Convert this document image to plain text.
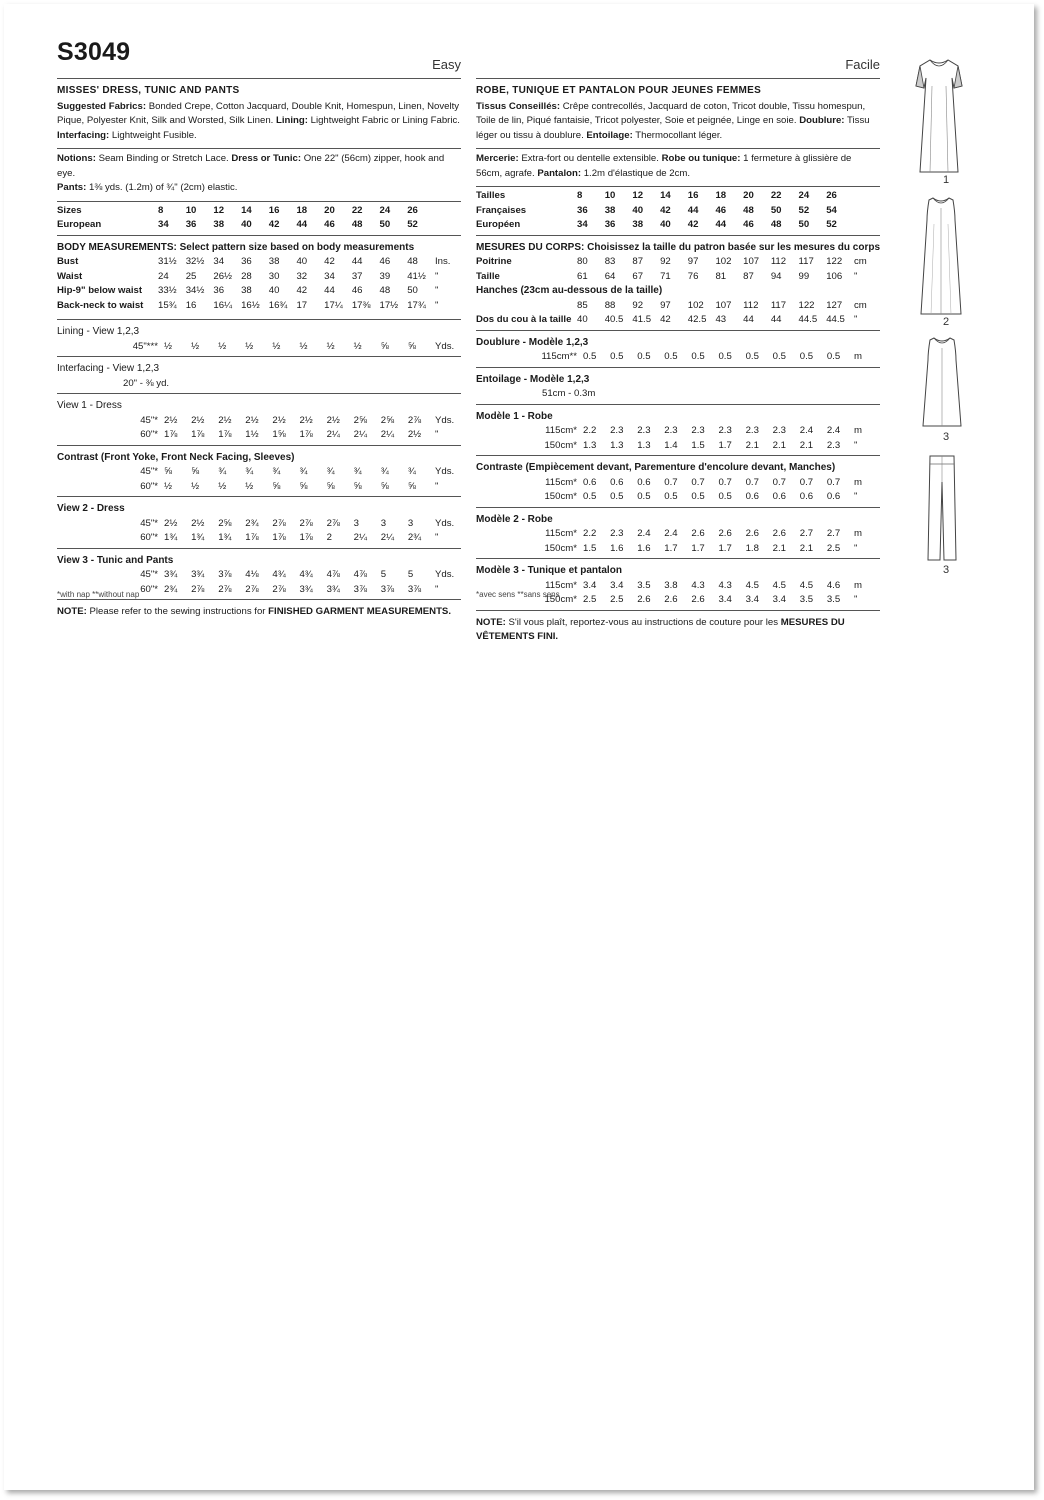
S3049	Easy
MISSES' DRESS, TUNIC AND PANTS
Suggested Fabrics: Bonded Crepe, Cotton Jacquard, Double Knit, Homespun, Linen, Novelty Pique, Polyester Knit, Silk and Worsted, Silk Linen. Lining: Lightweight Fabric or Lining Fabric. Interfacing: Lightweight Fusible.
Notions: Seam Binding or Stretch Lace. Dress or Tunic: One 22" (56cm) zipper, hook and eye.
Pants: 1⅜ yds. (1.2m) of ¾" (2cm) elastic.
Sizes	8	10	12	14	16	18	20	22	24	26	
European	34	36	38	40	42	44	46	48	50	52	
BODY MEASUREMENTS: Select pattern size based on body measurements
Bust	31½	32½	34	36	38	40	42	44	46	48	Ins.
Waist	24	25	26½	28	30	32	34	37	39	41½	"
Hip-9" below waist	33½	34½	36	38	40	42	44	46	48	50	"
Back-neck to waist	15¾	16	16¼	16½	16¾	17	17¼	17⅜	17½	17¾	"
Lining - View 1,2,3
45"***	½	½	½	½	½	½	½	½	⅝	⅝	Yds.
Interfacing - View 1,2,3
20" - ⅜ yd.
View 1 - Dress
45"*	2½	2½	2½	2½	2½	2½	2½	2⅝	2⅝	2⅞	Yds.
60"*	1⅞	1⅞	1⅞	1½	1⅝	1⅞	2¼	2¼	2¼	2½	"
Contrast (Front Yoke, Front Neck Facing, Sleeves)
45"*	⅝	⅝	¾	¾	¾	¾	¾	¾	¾	¾	Yds.
60"*	½	½	½	½	⅝	⅝	⅝	⅝	⅝	⅝	"
View 2 - Dress
45"*	2½	2½	2⅝	2¾	2⅞	2⅞	2⅞	3	3	3	Yds.
60"*	1¾	1¾	1¾	1⅞	1⅞	1⅞	2	2¼	2¼	2¾	"
View 3 - Tunic and Pants
45"*	3¾	3¾	3⅞	4⅛	4¾	4¾	4⅞	4⅞	5	5	Yds.
60"*	2¾	2⅞	2⅞	2⅞	2⅞	3¾	3¾	3⅞	3⅞	3⅞	"
NOTE: Please refer to the sewing instructions for FINISHED GARMENT MEASUREMENTS.
Facile
ROBE, TUNIQUE ET PANTALON POUR JEUNES FEMMES
Tissus Conseillés: Crêpe contrecollés, Jacquard de coton, Tricot double, Tissu homespun, Toile de lin, Piqué fantaisie, Tricot polyester, Soie et peignée, Linge en soie. Doublure: Tissu léger ou tissu à doublure. Entoilage: Thermocollant léger.
Mercerie: Extra-fort ou dentelle extensible. Robe ou tunique: 1 fermeture à glissière de 56cm, agrafe. Pantalon: 1.2m d'élastique de 2cm.
Tailles	8	10	12	14	16	18	20	22	24	26	
Françaises	36	38	40	42	44	46	48	50	52	54	
Européen	34	36	38	40	42	44	46	48	50	52	
MESURES DU CORPS: Choisissez la taille du patron basée sur les mesures du corps
Poitrine	80	83	87	92	97	102	107	112	117	122	cm
Taille	61	64	67	71	76	81	87	94	99	106	"
Hanches (23cm au-dessous de la taille)
	85	88	92	97	102	107	112	117	122	127	cm
Dos du cou à la taille	40	40.5	41.5	42	42.5	43	44	44	44.5	44.5	"
Doublure - Modèle 1,2,3
115cm**	0.5	0.5	0.5	0.5	0.5	0.5	0.5	0.5	0.5	0.5	m
Entoilage - Modèle 1,2,3
51cm - 0.3m
Modèle 1 - Robe
115cm*	2.2	2.3	2.3	2.3	2.3	2.3	2.3	2.3	2.4	2.4	m
150cm*	1.3	1.3	1.3	1.4	1.5	1.7	2.1	2.1	2.1	2.3	"
Contraste (Empiècement devant, Parementure d'encolure devant, Manches)
115cm*	0.6	0.6	0.6	0.7	0.7	0.7	0.7	0.7	0.7	0.7	m
150cm*	0.5	0.5	0.5	0.5	0.5	0.5	0.6	0.6	0.6	0.6	"
Modèle 2 - Robe
115cm*	2.2	2.3	2.4	2.4	2.6	2.6	2.6	2.6	2.7	2.7	m
150cm*	1.5	1.6	1.6	1.7	1.7	1.7	1.8	2.1	2.1	2.5	"
Modèle 3 - Tunique et pantalon
115cm*	3.4	3.4	3.5	3.8	4.3	4.3	4.5	4.5	4.5	4.6	m
150cm*	2.5	2.5	2.6	2.6	2.6	3.4	3.4	3.4	3.5	3.5	"
NOTE: S'il vous plaît, reportez-vous au instructions de couture pour les MESURES DU VÊTEMENTS FINI.
*with nap **without nap	*avec sens **sans sens
1
2
3
3
